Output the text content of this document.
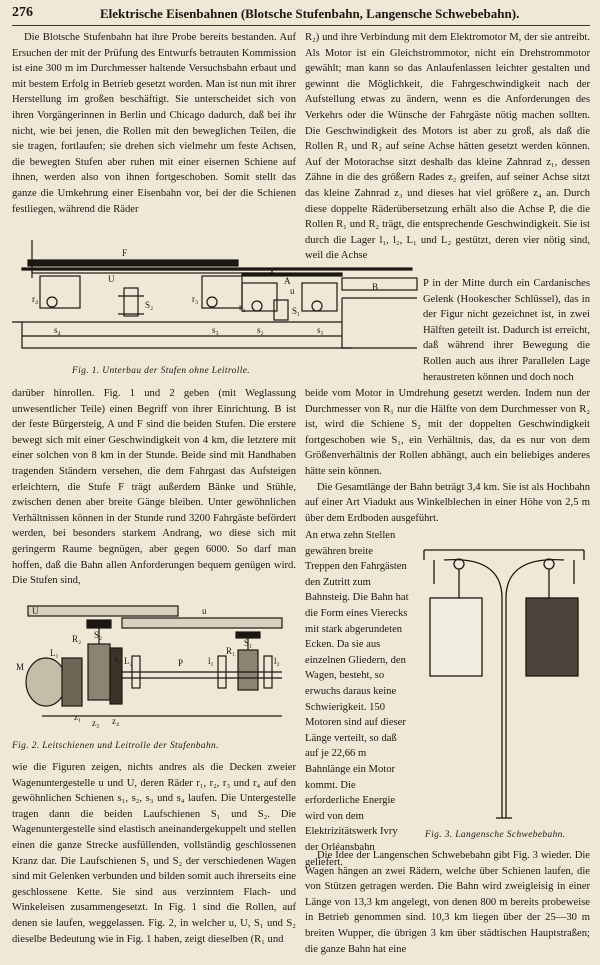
276	Elektrische Eisenbahnen (Blotsche Stufenbahn, Langensche Schwebebahn).

Die Blotsche Stufenbahn hat ihre Probe bereits bestanden. Auf Ersuchen der mit der Prüfung des Entwurfs betrauten Kommission ist eine 300 m im Durchmesser haltende Versuchsbahn erbaut und mit bestem Erfolg in Betrieb gesetzt worden. Man ist nun mit ihrer Herstellung im großen beschäftigt. Sie unterscheidet sich von ihren Vorgängerinnen in Berlin und Chicago dadurch, daß bei ihr nicht, wie bei jenen, die Rollen mit den beweglichen Teilen, die sie tragen, fortlaufen; sie drehen sich vielmehr um feste Achsen, die bewegten Stufen aber ruhen mit einer eisernen Schiene auf ihnen, werden also von ihnen fortgeschoben. Somit stellt das ganze die Umkehrung einer Eisenbahn vor, bei der die Schienen festliegen, während die Räder

R₂) und ihre Verbindung mit dem Elektromotor M, der sie antreibt. Als Motor ist ein Gleichstrommotor, nicht ein Drehstrommotor gewählt; man kann so das Anlaufenlassen leichter gestalten und gewinnt die Möglichkeit, die Fahrgeschwindigkeit nach der Aufstellung etwas zu ändern, wenn es die Anforderungen des Verkehrs oder die Wünsche der Fahrgäste nötig machen sollten. Die Geschwindigkeit des Motors ist aber zu groß, als daß die Rollen R₁ und R₂ auf seine Achse hätten gesetzt werden können. Auf der Motorachse sitzt deshalb das kleine Zahnrad z₁, dessen Zähne in die des größern Rades z₂ greifen, auf seiner Achse sitzt das kleine Zahnrad z₃ und dieses hat viel größere z₄ an. Durch diese doppelte Räderübersetzung erhält also die Achse P, die die Rollen R₁ und R₂ trägt, die entsprechende Geschwindigkeit. Sie ist durch die Lager l₁, l₂, L₁ und L₂ gestützt, deren vier nötig sind, weil die Achse

P in der Mitte durch ein Cardanisches Gelenk (Hookescher Schlüssel), das in der Figur nicht gezeichnet ist, in zwei Hälften geteilt ist. Dadurch ist erreicht, daß während ihrer Bewegung die Rollen auch aus ihrer Parallelen Lage heraustreten können und doch noch

F
U	A
B
S₂
S₁
r₄	r₃
r₂
u
s₄	s₃	s₂	s₁
Fig. 1. Unterbau der Stufen ohne Leitrolle.

darüber hinrollen. Fig. 1 und 2 geben (mit Weglassung unwesentlicher Teile) einen Begriff von ihrer Einrichtung. B ist der feste Bürgersteig, A und F sind die beiden Stufen. Die erstere bewegt sich mit einer Geschwindigkeit von 4 km, die letztere mit einer solchen von 8 km in der Stunde. Beide sind mit Handhaben tragenden Ständern versehen, die dem Fahrgast das Aufsteigen erleichtern, die Stufe F trägt außerdem Bänke und Stühle, zwischen denen aber breite Gänge bleiben. Unter gewöhnlichen Verhältnissen können in der Stunde rund 3200 Fahrgäste befördert werden, bei besonders starkem Andrang, wo diese sich mit geringerm Raume begnügen, aber gegen 6000. So darf man hoffen, daß die Bahn allen Anforderungen bequem genügen wird. Die Stufen sind,

beide vom Motor in Umdrehung gesetzt werden. Indem nun der Durchmesser von R₁ nur die Hälfte von dem Durchmesser von R₂ ist, wird die Schiene S₂ mit der doppelten Geschwindigkeit fortgeschoben wie S₁, ein Verhältnis, das, da es nur von dem Größenverhältnis der Rollen abhängt, auch ein beliebiges anderes hätte sein können.

Die Gesamtlänge der Bahn beträgt 3,4 km. Sie ist als Hochbahn auf einer Art Viadukt aus Winkelblechen in einer Höhe von 2,5 m über dem Erdboden ausgeführt.

An etwa zehn Stellen gewähren breite Treppen den Fahrgästen den Zutritt zum Bahnsteig. Die Bahn hat die Form eines Vierecks mit stark abgerundeten Ecken. Da sie aus einzelnen Gliedern, den Wagen, besteht, so erwuchs daraus keine Schwierigkeit. 150 Motoren sind auf dieser Länge verteilt, so daß auf je 22,66 m Bahnlänge ein Motor kommt. Die erforderliche Energie wird von dem Elektrizitätswerk Ivry der Orléansbahn geliefert.

Fig. 3. Langensche Schwebebahn.
U	u
S₂
S₁
R₂
R₁
M
L₁
L₂	P	l₁	l₂
z₁
z₂
z₃ z₄
Fig. 2. Leitschienen und Leitrolle der Stufenbahn.

wie die Figuren zeigen, nichts andres als die Decken zweier Wagenuntergestelle u und U, deren Räder r₁, r₂, r₃ und r₄ auf den gewöhnlichen Schienen s₁, s₂, s₃ und s₄ laufen. Die Untergestelle tragen dann die beiden Laufschienen S₁ und S₂. Die Wagenuntergestelle sind elastisch aneinandergekuppelt und stellen einen die ganze Strecke ausfüllenden, vollständig geschlossenen Kranz dar. Die Laufschienen S₁ und S₂ der verschiedenen Wagen sind mit Gelenken verbunden und bilden somit auch ihrerseits eine geschlossene Kette. Sie sind aus verzinntem Flach- und Winkeleisen zusammengesetzt. In Fig. 1 sind die Rollen, auf denen sie laufen, weggelassen. Fig. 2, in welcher u, U, S₁ und S₂ dieselbe Bedeutung wie in Fig. 1 haben, zeigt dieselben (R₁ und

Die Idee der Langenschen Schwebebahn gibt Fig. 3 wieder. Die Wagen hängen an zwei Rädern, welche über Schienen laufen, die von Stützen getragen werden. Die Bahn wird zweigleisig in einer Länge von 13,3 km angelegt, von denen 800 m bereits probeweise in Betrieb genommen sind. 10,3 km liegen über der 25—30 m breiten Wupper, die übrigen 3 km über städtischen Hauptstraßen; die ganze Bahn hat eine
